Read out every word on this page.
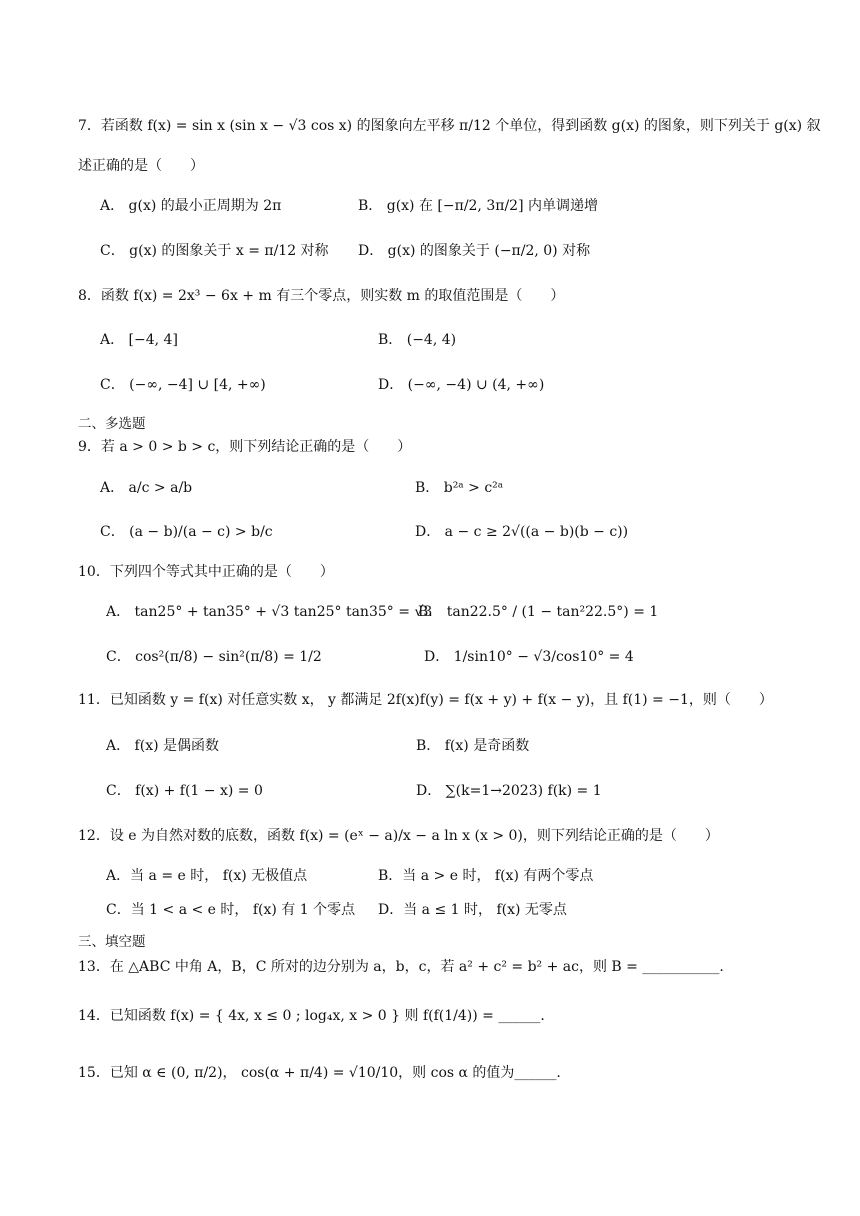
7．若函数 f(x) = sin x (sin x − √3 cos x) 的图象向左平移 π/12 个单位，得到函数 g(x) 的图象，则下列关于 g(x) 叙
述正确的是（　　）
A． g(x) 的最小正周期为 2π	B． g(x) 在 [−π/2, 3π/2] 内单调递增
C． g(x) 的图象关于 x = π/12 对称 D． g(x) 的图象关于 (−π/2, 0) 对称
8．函数 f(x) = 2x³ − 6x + m 有三个零点，则实数 m 的取值范围是（　　）
A． [−4, 4]	B． (−4, 4)
C． (−∞, −4] ∪ [4, +∞)	D． (−∞, −4) ∪ (4, +∞)
二、多选题
9．若 a > 0 > b > c，则下列结论正确的是（　　）
A． a/c > a/b	B． b²ᵃ > c²ᵃ
C． (a − b)/(a − c) > b/c	D． a − c ≥ 2√((a − b)(b − c))
10．下列四个等式其中正确的是（　　）
A． tan25° + tan35° + √3 tan25° tan35° = √3
B． tan22.5° / (1 − tan²22.5°) = 1
C． cos²(π/8) − sin²(π/8) = 1/2	D． 1/sin10° − √3/cos10° = 4
11．已知函数 y = f(x) 对任意实数 x， y 都满足 2f(x)f(y) = f(x + y) + f(x − y)，且 f(1) = −1，则（　　）
A． f(x) 是偶函数	B． f(x) 是奇函数
C． f(x) + f(1 − x) = 0	D． ∑(k=1→2023) f(k) = 1
12．设 e 为自然对数的底数，函数 f(x) = (eˣ − a)/x − a ln x (x > 0)，则下列结论正确的是（　　）
A．当 a = e 时， f(x) 无极值点	B．当 a > e 时， f(x) 有两个零点
C．当 1 < a < e 时， f(x) 有 1 个零点 D．当 a ≤ 1 时， f(x) 无零点
三、填空题
13．在 △ABC 中角 A，B，C 所对的边分别为 a，b，c，若 a² + c² = b² + ac，则 B = ___________.
14．已知函数 f(x) = { 4x, x ≤ 0 ; log₄x, x > 0 } 则 f(f(1/4)) = ______.
15．已知 α ∈ (0, π/2)， cos(α + π/4) = √10/10，则 cos α 的值为______.
